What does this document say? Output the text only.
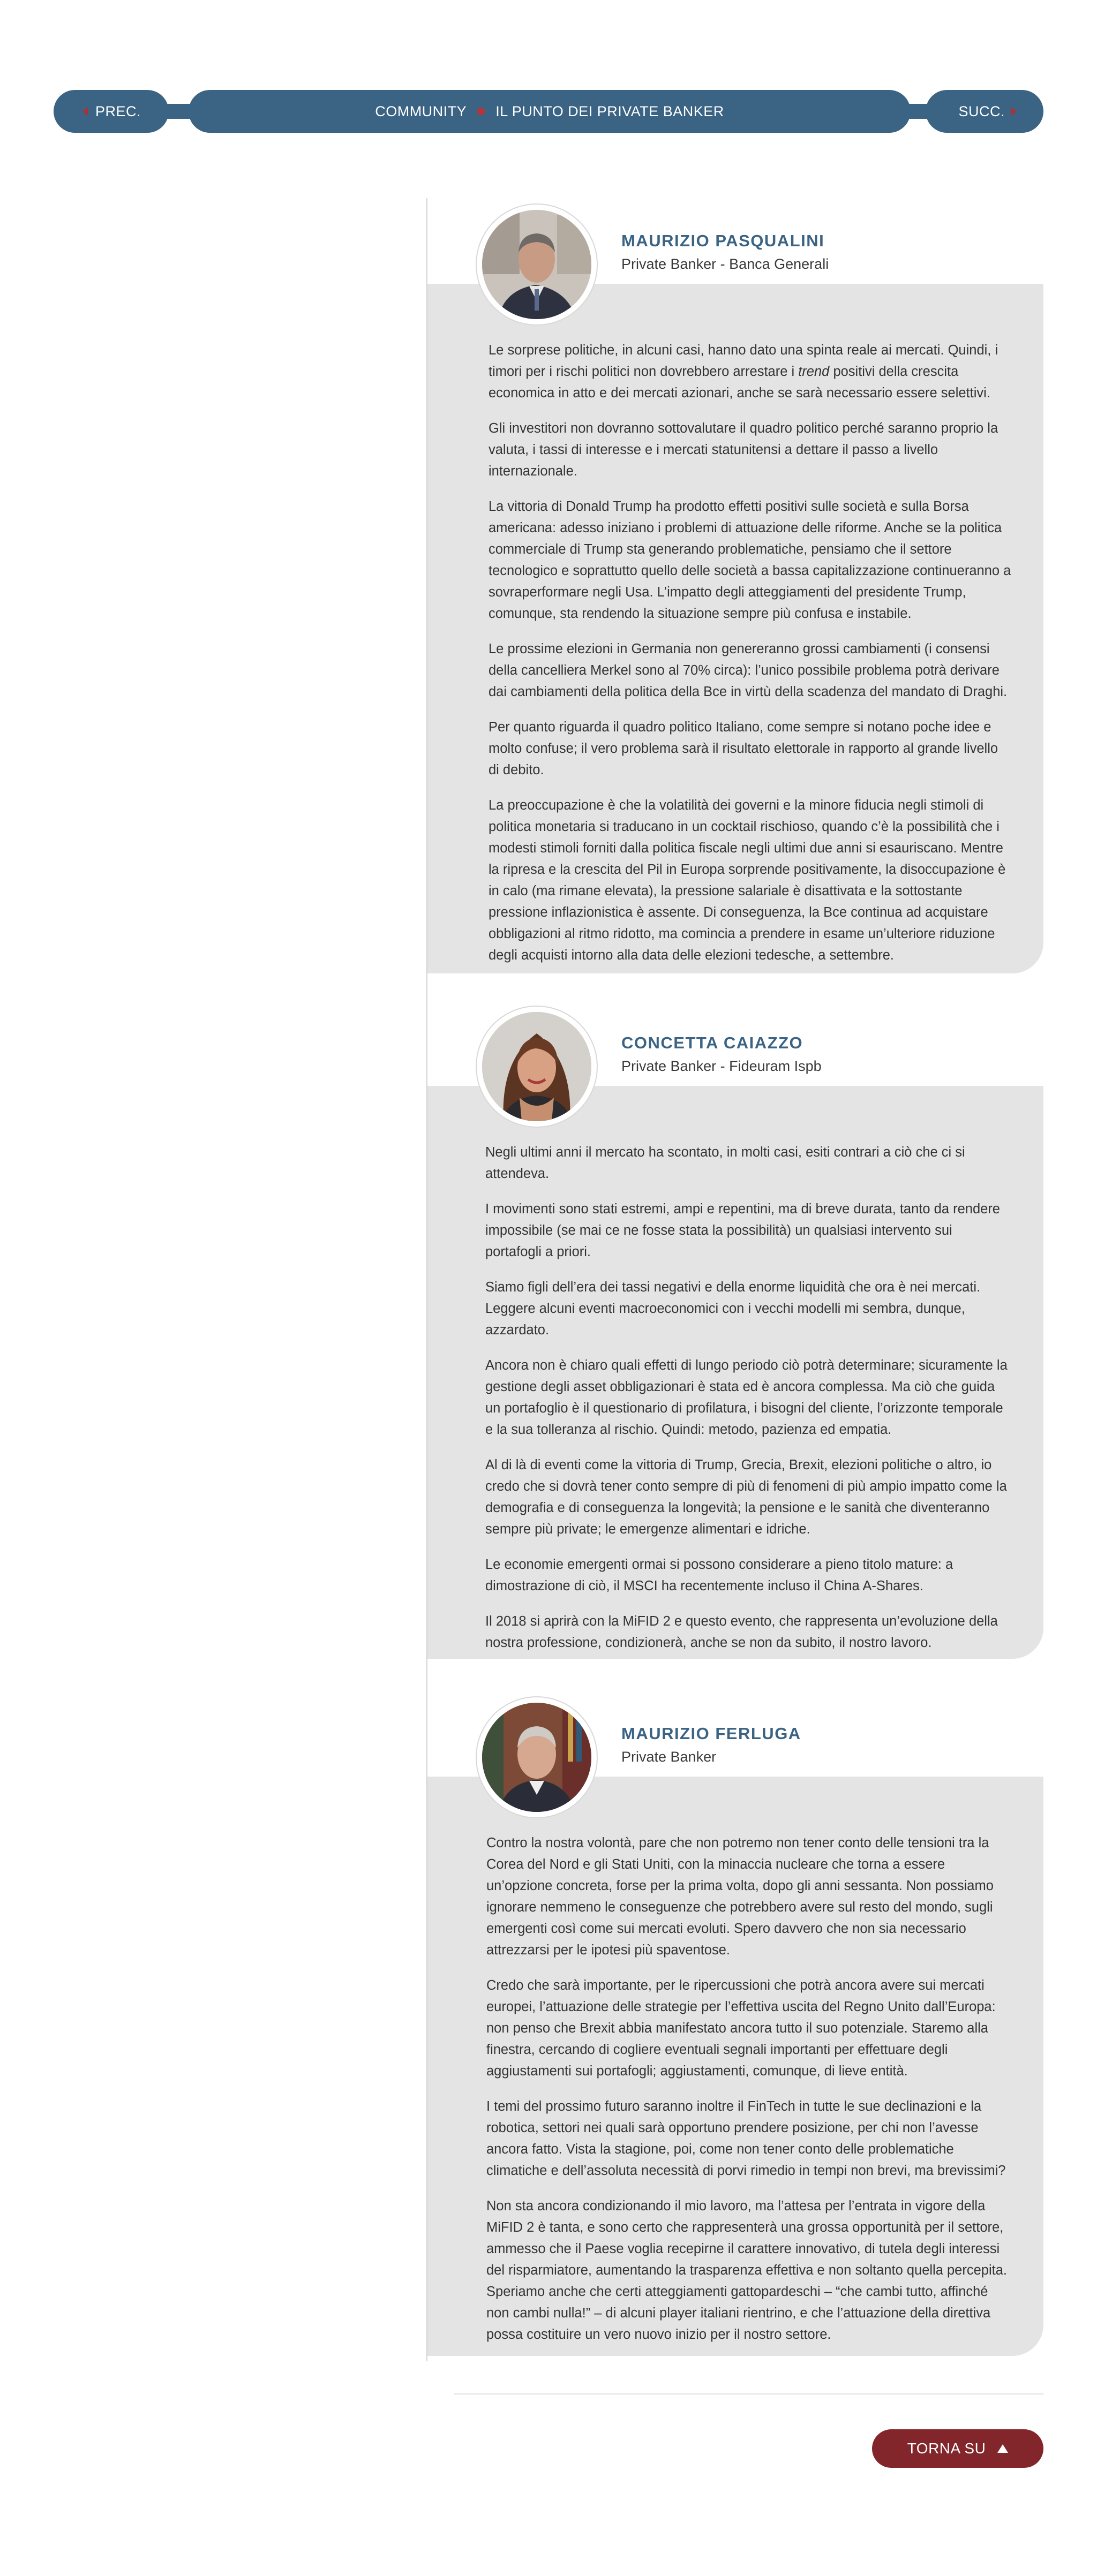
PREC.	COMMUNITY IL PUNTO DEI PRIVATE BANKER	SUCC.
MAURIZIO PASQUALINI
Private Banker - Banca Generali

Le sorprese politiche, in alcuni casi, hanno dato una spinta reale ai mercati. Quindi, i timori per i rischi politici non dovrebbero arrestare i trend positivi della crescita economica in atto e dei mercati azionari, anche se sarà necessario essere selettivi.

Gli investitori non dovranno sottovalutare il quadro politico perché saranno proprio la valuta, i tassi di interesse e i mercati statunitensi a dettare il passo a livello internazionale.

La vittoria di Donald Trump ha prodotto effetti positivi sulle società e sulla Borsa americana: adesso iniziano i problemi di attuazione delle riforme. Anche se la politica commerciale di Trump sta generando problematiche, pensiamo che il settore tecnologico e soprattutto quello delle società a bassa capitalizzazione continueranno a sovraperformare negli Usa. L’impatto degli atteggiamenti del presidente Trump, comunque, sta rendendo la situazione sempre più confusa e instabile.

Le prossime elezioni in Germania non genereranno grossi cambiamenti (i consensi della cancelliera Merkel sono al 70% circa): l’unico possibile problema potrà derivare dai cambiamenti della politica della Bce in virtù della scadenza del mandato di Draghi.

Per quanto riguarda il quadro politico Italiano, come sempre si notano poche idee e molto confuse; il vero problema sarà il risultato elettorale in rapporto al grande livello di debito.

La preoccupazione è che la volatilità dei governi e la minore fiducia negli stimoli di politica monetaria si traducano in un cocktail rischioso, quando c’è la possibilità che i modesti stimoli forniti dalla politica fiscale negli ultimi due anni si esauriscano. Mentre la ripresa e la crescita del Pil in Europa sorprende positivamente, la disoccupazione è in calo (ma rimane elevata), la pressione salariale è disattivata e la sottostante pressione inflazionistica è assente. Di conseguenza, la Bce continua ad acquistare obbligazioni al ritmo ridotto, ma comincia a prendere in esame un’ulteriore riduzione degli acquisti intorno alla data delle elezioni tedesche, a settembre.

CONCETTA CAIAZZO
Private Banker - Fideuram Ispb

Negli ultimi anni il mercato ha scontato, in molti casi, esiti contrari a ciò che ci si attendeva.

I movimenti sono stati estremi, ampi e repentini, ma di breve durata, tanto da rendere impossibile (se mai ce ne fosse stata la possibilità) un qualsiasi intervento sui portafogli a priori.

Siamo figli dell’era dei tassi negativi e della enorme liquidità che ora è nei mercati. Leggere alcuni eventi macroeconomici con i vecchi modelli mi sembra, dunque, azzardato.

Ancora non è chiaro quali effetti di lungo periodo ciò potrà determinare; sicuramente la gestione degli asset obbligazionari è stata ed è ancora complessa. Ma ciò che guida un portafoglio è il questionario di profilatura, i bisogni del cliente, l’orizzonte temporale e la sua tolleranza al rischio. Quindi: metodo, pazienza ed empatia.

Al di là di eventi come la vittoria di Trump, Grecia, Brexit, elezioni politiche o altro, io credo che si dovrà tener conto sempre di più di fenomeni di più ampio impatto come la demografia e di conseguenza la longevità; la pensione e le sanità che diventeranno sempre più private; le emergenze alimentari e idriche.

Le economie emergenti ormai si possono considerare a pieno titolo mature: a dimostrazione di ciò, il MSCI ha recentemente incluso il China A-Shares.

Il 2018 si aprirà con la MiFID 2 e questo evento, che rappresenta un’evoluzione della nostra professione, condizionerà, anche se non da subito, il nostro lavoro.

MAURIZIO FERLUGA
Private Banker

Contro la nostra volontà, pare che non potremo non tener conto delle tensioni tra la Corea del Nord e gli Stati Uniti, con la minaccia nucleare che torna a essere un’opzione concreta, forse per la prima volta, dopo gli anni sessanta. Non possiamo ignorare nemmeno le conseguenze che potrebbero avere sul resto del mondo, sugli emergenti così come sui mercati evoluti. Spero davvero che non sia necessario attrezzarsi per le ipotesi più spaventose.

Credo che sarà importante, per le ripercussioni che potrà ancora avere sui mercati europei, l’attuazione delle strategie per l’effettiva uscita del Regno Unito dall’Europa: non penso che Brexit abbia manifestato ancora tutto il suo potenziale. Staremo alla finestra, cercando di cogliere eventuali segnali importanti per effettuare degli aggiustamenti sui portafogli; aggiustamenti, comunque, di lieve entità.

I temi del prossimo futuro saranno inoltre il FinTech in tutte le sue declinazioni e la robotica, settori nei quali sarà opportuno prendere posizione, per chi non l’avesse ancora fatto. Vista la stagione, poi, come non tener conto delle problematiche climatiche e dell’assoluta necessità di porvi rimedio in tempi non brevi, ma brevissimi?

Non sta ancora condizionando il mio lavoro, ma l’attesa per l’entrata in vigore della MiFID 2 è tanta, e sono certo che rappresenterà una grossa opportunità per il settore, ammesso che il Paese voglia recepirne il carattere innovativo, di tutela degli interessi del risparmiatore, aumentando la trasparenza effettiva e non soltanto quella percepita. Speriamo anche che certi atteggiamenti gattopardeschi – “che cambi tutto, affinché non cambi nulla!” – di alcuni player italiani rientrino, e che l’attuazione della direttiva possa costituire un vero nuovo inizio per il nostro settore.

TORNA SU
